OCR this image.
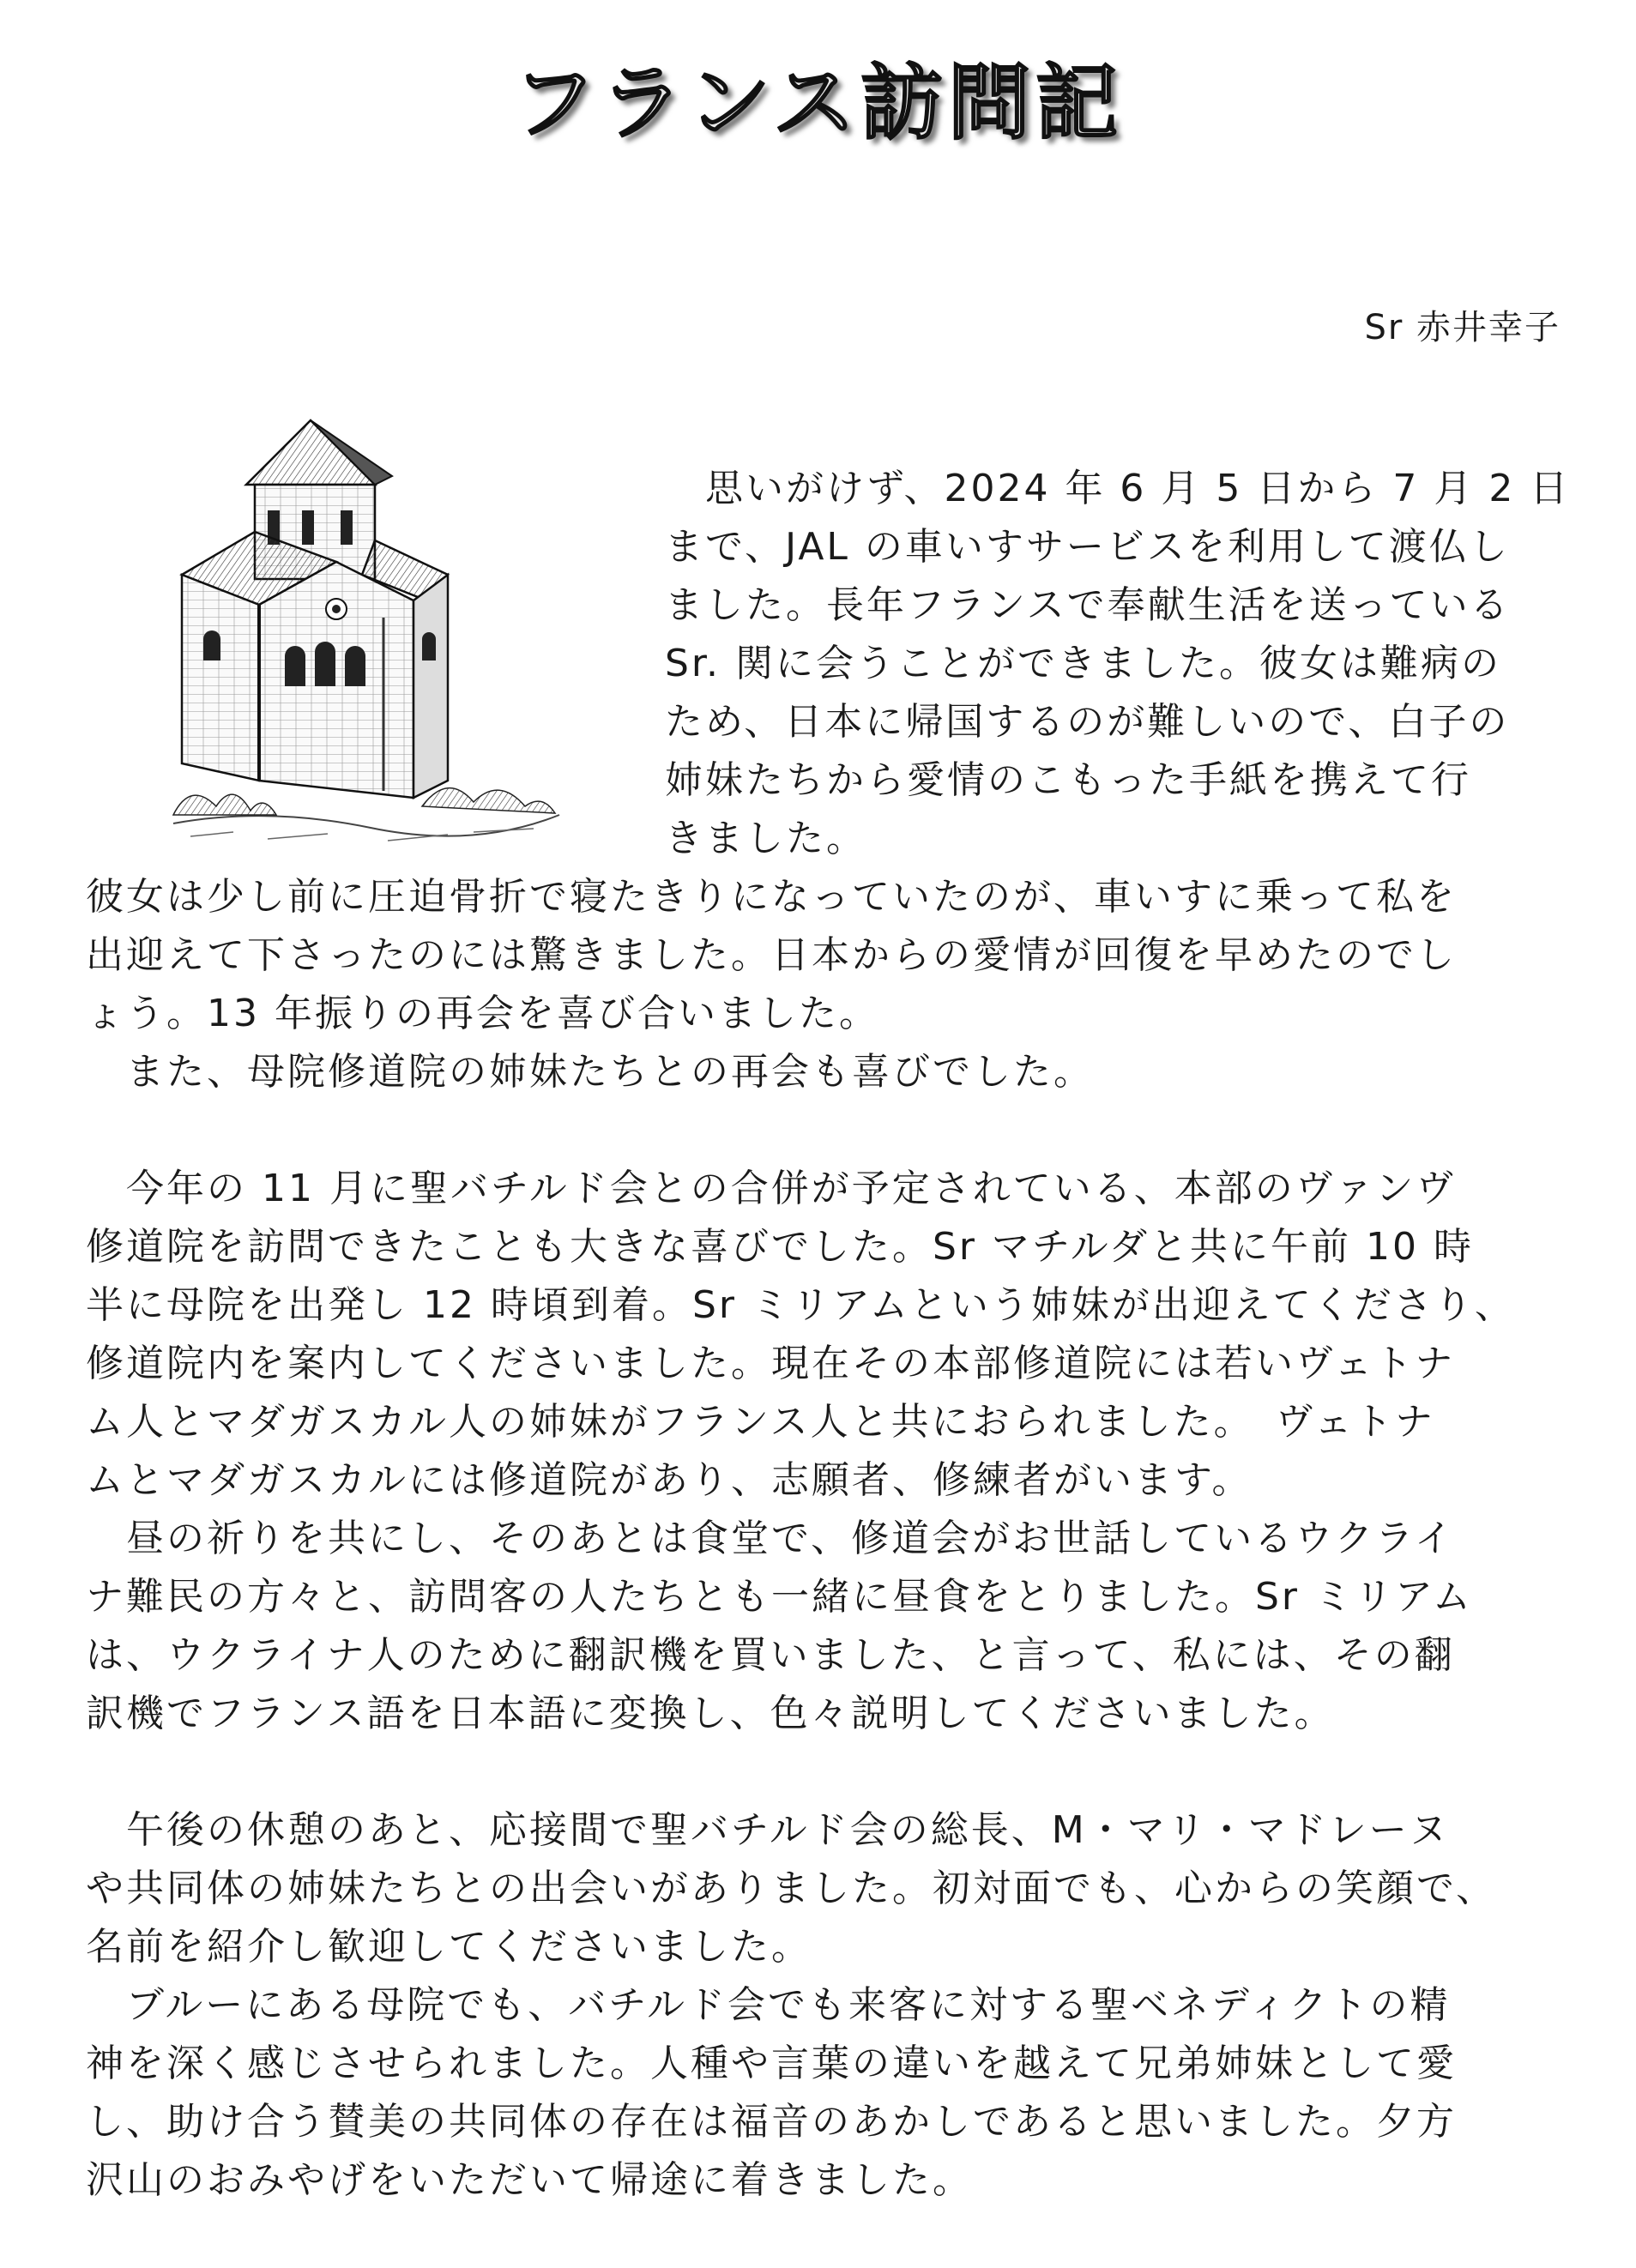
フランス訪問記
Sr 赤井幸子
　思いがけず、2024 年 6 月 5 日から 7 月 2 日
まで、JAL の車いすサービスを利用して渡仏し
ました。長年フランスで奉献生活を送っている
Sr. 関に会うことができました。彼女は難病の
ため、日本に帰国するのが難しいので、白子の
姉妹たちから愛情のこもった手紙を携えて行
きました。
彼女は少し前に圧迫骨折で寝たきりになっていたのが、車いすに乗って私を
出迎えて下さったのには驚きました。日本からの愛情が回復を早めたのでし
ょう。13 年振りの再会を喜び合いました。
　また、母院修道院の姉妹たちとの再会も喜びでした。
　今年の 11 月に聖バチルド会との合併が予定されている、本部のヴァンヴ
修道院を訪問できたことも大きな喜びでした。Sr マチルダと共に午前 10 時
半に母院を出発し 12 時頃到着。Sr ミリアムという姉妹が出迎えてくださり、
修道院内を案内してくださいました。現在その本部修道院には若いヴェトナ
ム人とマダガスカル人の姉妹がフランス人と共におられました。　ヴェトナ
ムとマダガスカルには修道院があり、志願者、修練者がいます。
　昼の祈りを共にし、そのあとは食堂で、修道会がお世話しているウクライ
ナ難民の方々と、訪問客の人たちとも一緒に昼食をとりました。Sr ミリアム
は、ウクライナ人のために翻訳機を買いました、と言って、私には、その翻
訳機でフランス語を日本語に変換し、色々説明してくださいました。
　午後の休憩のあと、応接間で聖バチルド会の総長、M・マリ・マドレーヌ
や共同体の姉妹たちとの出会いがありました。初対面でも、心からの笑顔で、
名前を紹介し歓迎してくださいました。
　ブルーにある母院でも、バチルド会でも来客に対する聖ベネディクトの精
神を深く感じさせられました。人種や言葉の違いを越えて兄弟姉妹として愛
し、助け合う賛美の共同体の存在は福音のあかしであると思いました。夕方
沢山のおみやげをいただいて帰途に着きました。
